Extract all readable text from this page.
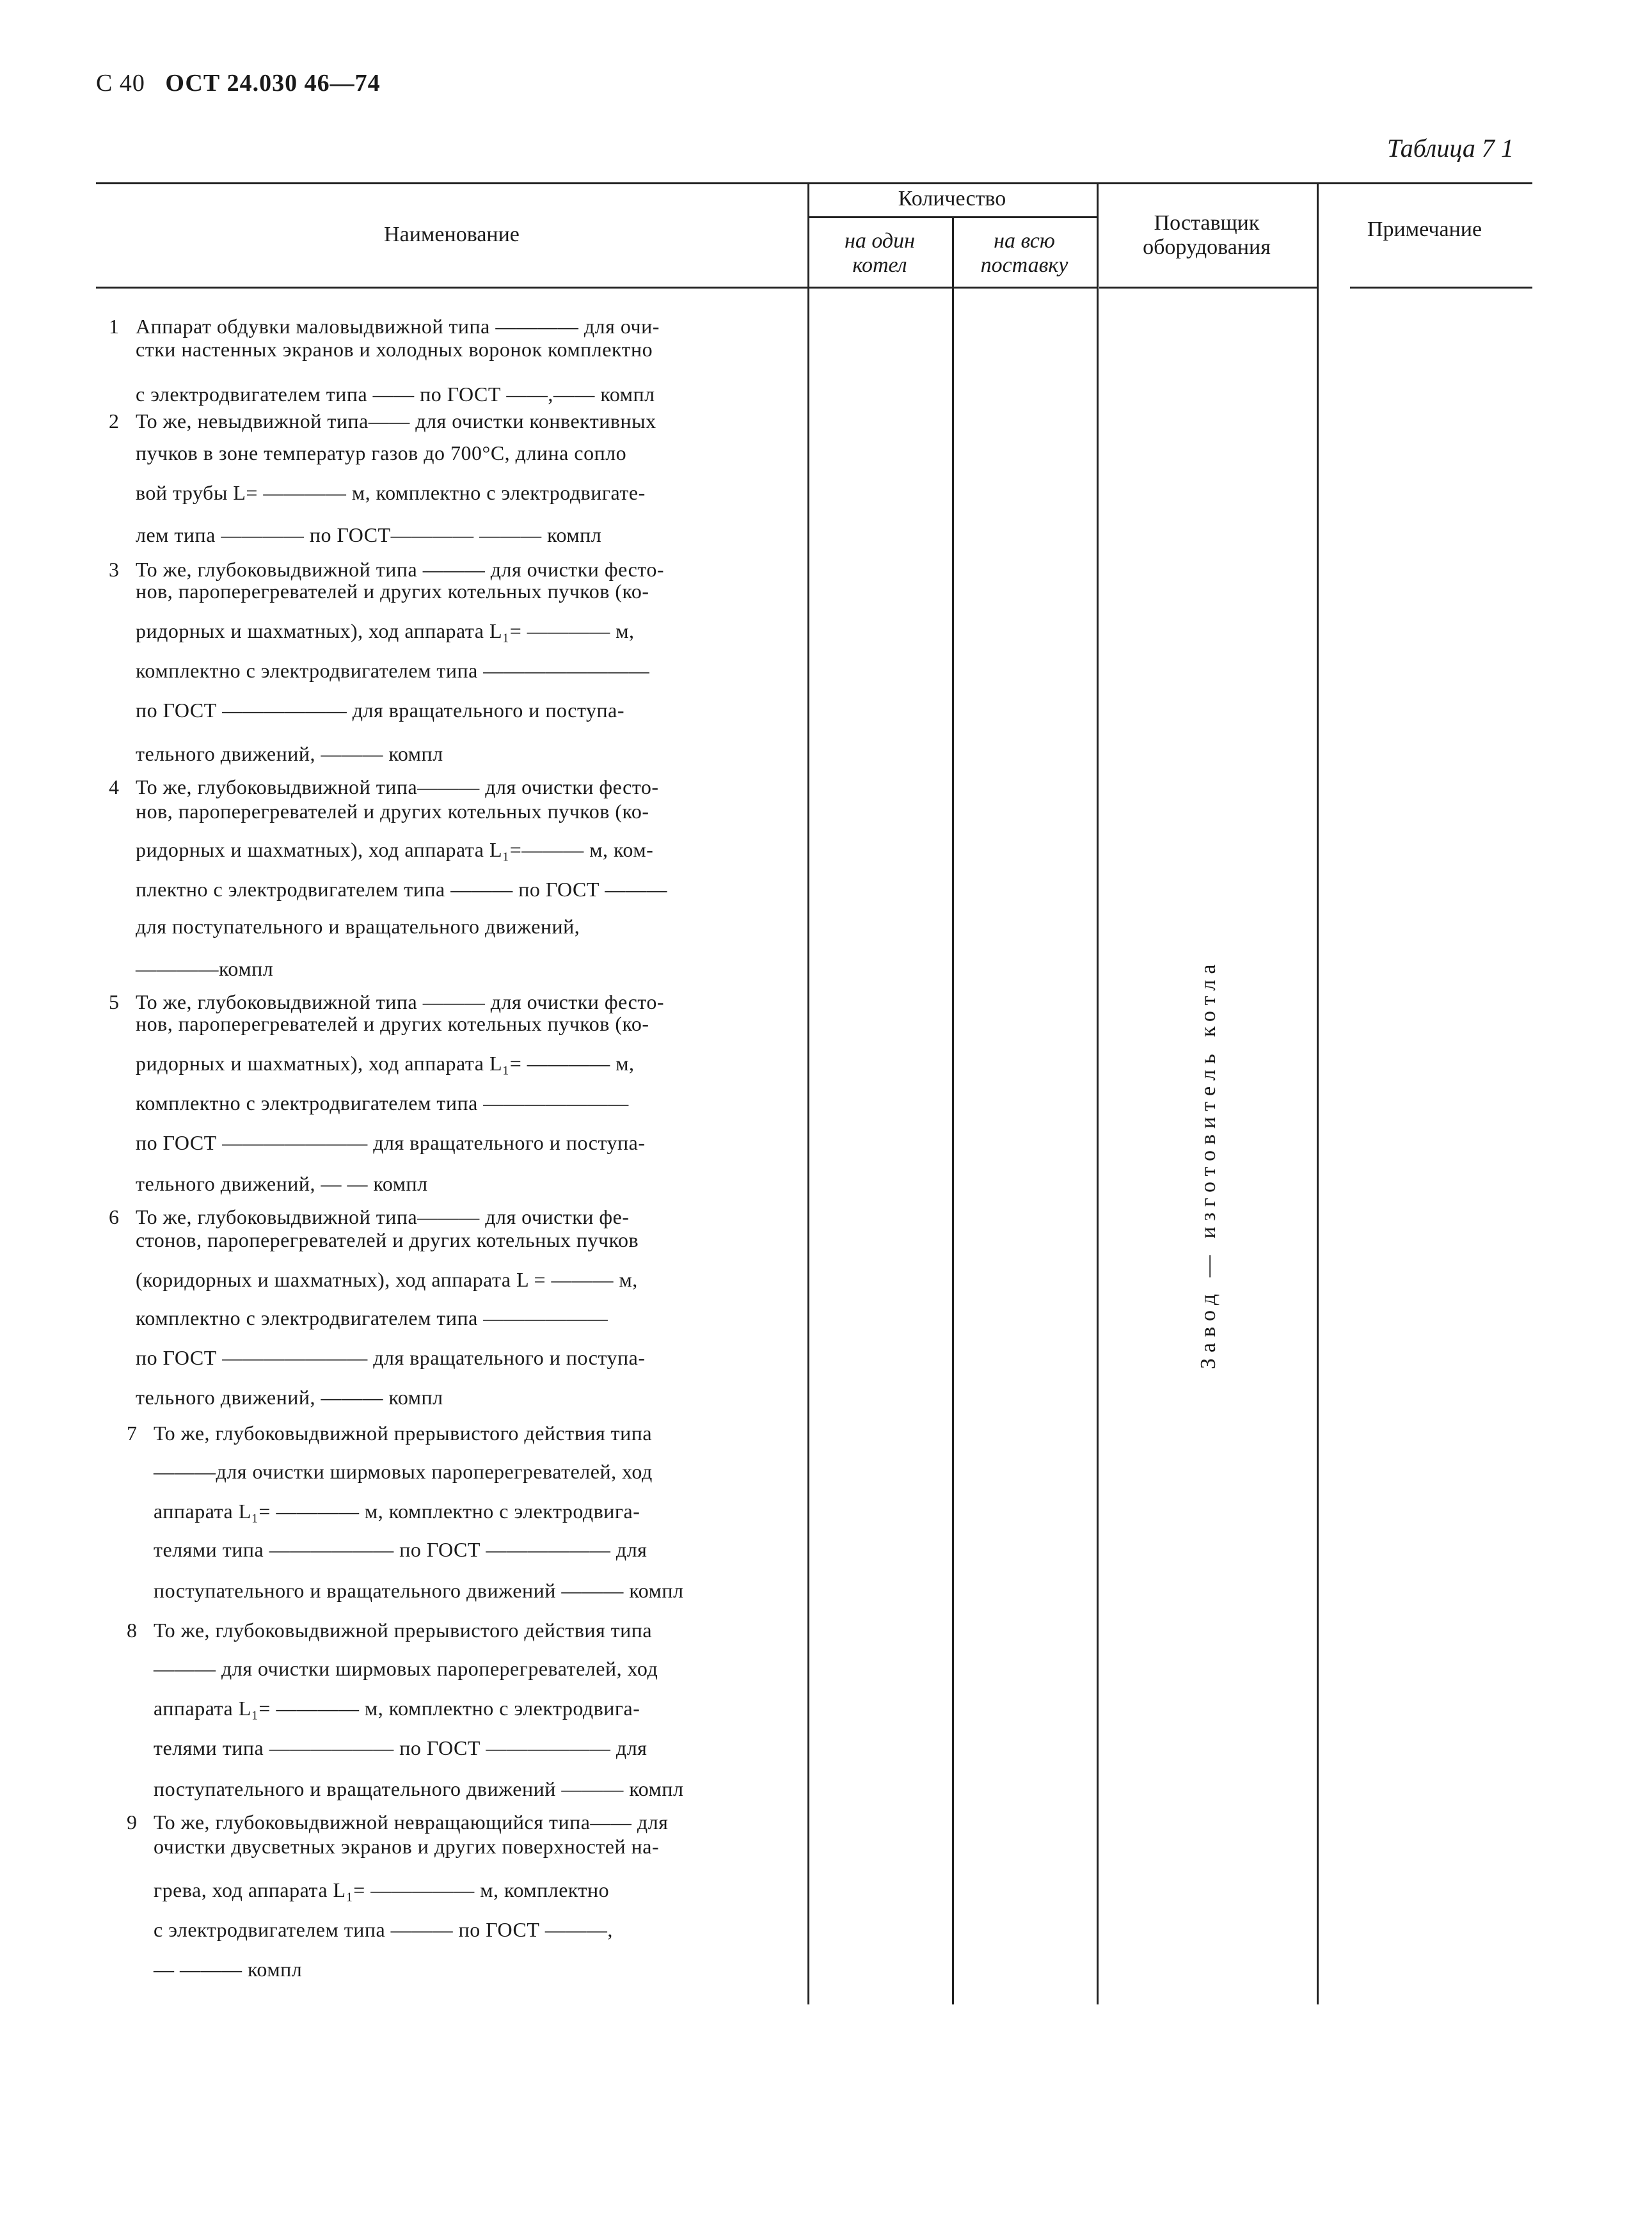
С 40 ОСТ 24.030 46—74
Таблица 7 1
Наименование
Количество
на один
котел
на всю
поставку
Поставщик
оборудования
Примечание
Завод — изготовитель котла
1 Аппарат обдувки маловыдвижной типа ———— для очи-
стки настенных экранов и холодных воронок комплектно
с электродвигателем типа —— по ГОСТ ——,—— компл
2 То же, невыдвижной типа—— для очистки конвективных
пучков в зоне температур газов до 700°С, длина сопло
вой трубы L= ———— м, комплектно с электродвигате-
лем типа ———— по ГОСТ———— ——— компл
3 То же, глубоковыдвижной типа ——— для очистки фесто-
нов, пароперегревателей и других котельных пучков (ко-
ридорных и шахматных), ход аппарата L₁= ———— м,
комплектно с электродвигателем типа ————————
по ГОСТ —————— для вращательного и поступа-
тельного движений, ——— компл
4 То же, глубоковыдвижной типа——— для очистки фесто-
нов, пароперегревателей и других котельных пучков (ко-
ридорных и шахматных), ход аппарата L₁=——— м, ком-
плектно с электродвигателем типа ——— по ГОСТ ———
для поступательного и вращательного движений,
————компл
5 То же, глубоковыдвижной типа ——— для очистки фесто-
нов, пароперегревателей и других котельных пучков (ко-
ридорных и шахматных), ход аппарата L₁= ———— м,
комплектно с электродвигателем типа ———————
по ГОСТ ——————— для вращательного и поступа-
тельного движений, — — компл
6 То же, глубоковыдвижной типа——— для очистки фе-
стонов, пароперегревателей и других котельных пучков
(коридорных и шахматных), ход аппарата L = ——— м,
комплектно с электродвигателем типа ——————
по ГОСТ ——————— для вращательного и поступа-
тельного движений, ——— компл
7 То же, глубоковыдвижной прерывистого действия типа
———для очистки ширмовых пароперегревателей, ход
аппарата L₁= ———— м, комплектно с электродвига-
телями типа —————— по ГОСТ —————— для
поступательного и вращательного движений ——— компл
8 То же, глубоковыдвижной прерывистого действия типа
——— для очистки ширмовых пароперегревателей, ход
аппарата L₁= ———— м, комплектно с электродвига-
телями типа —————— по ГОСТ —————— для
поступательного и вращательного движений ——— компл
9 То же, глубоковыдвижной невращающийся типа—— для
очистки двусветных экранов и других поверхностей на-
грева, ход аппарата L₁= ————— м, комплектно
с электродвигателем типа ——— по ГОСТ ———,
— ——— компл
